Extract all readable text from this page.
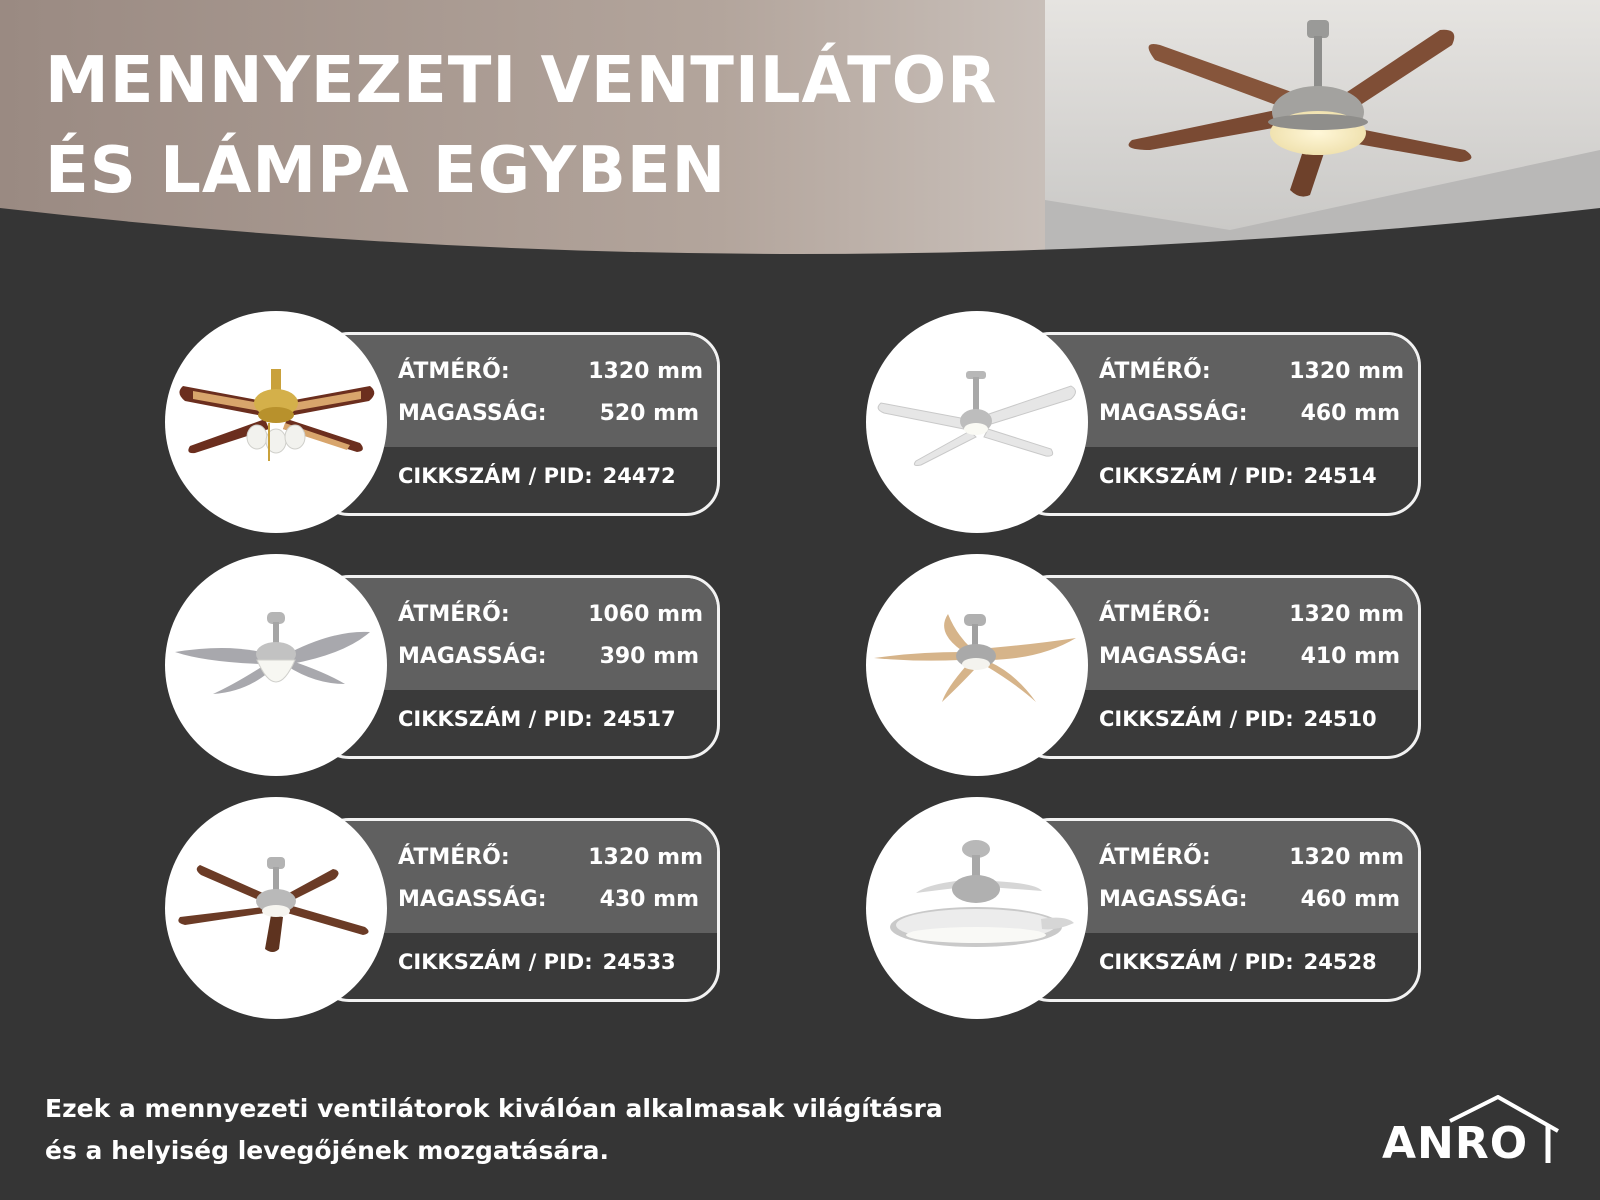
MENNYEZETI VENTILÁTOR
ÉS LÁMPA EGYBEN
ÁTMÉRŐ:	1320 mm
MAGASSÁG: 520 mm
CIKKSZÁM / PID: 24472
ÁTMÉRŐ:	1320 mm
MAGASSÁG: 460 mm
CIKKSZÁM / PID: 24514
ÁTMÉRŐ:	1060 mm
MAGASSÁG: 390 mm
CIKKSZÁM / PID: 24517
ÁTMÉRŐ:	1320 mm
MAGASSÁG: 410 mm
CIKKSZÁM / PID: 24510
ÁTMÉRŐ:	1320 mm
MAGASSÁG: 430 mm
CIKKSZÁM / PID: 24533
ÁTMÉRŐ:	1320 mm
MAGASSÁG: 460 mm
CIKKSZÁM / PID: 24528
Ezek a mennyezeti ventilátorok kiválóan alkalmasak világításra
és a helyiség levegőjének mozgatására.	ANRO
